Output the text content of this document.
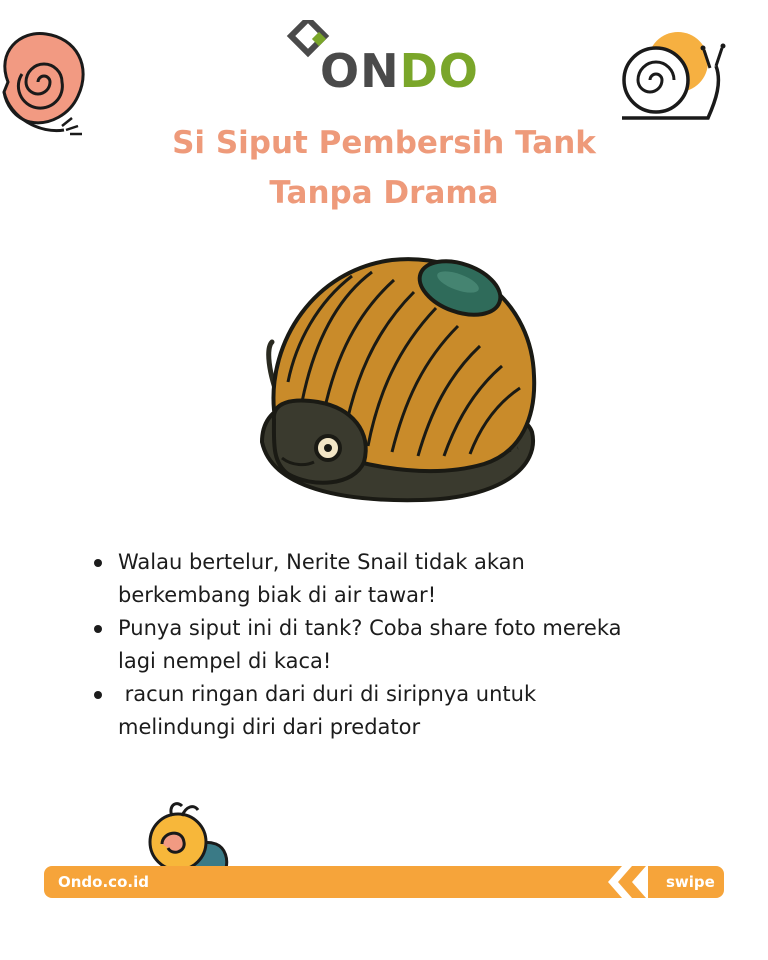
ONDO
Si Siput Pembersih Tank
Tanpa Drama
Walau bertelur, Nerite Snail tidak akan
berkembang biak di air tawar!
Punya siput ini di tank? Coba share foto mereka
lagi nempel di kaca!
racun ringan dari duri di siripnya untuk
melindungi diri dari predator
Ondo.co.id	swipe
